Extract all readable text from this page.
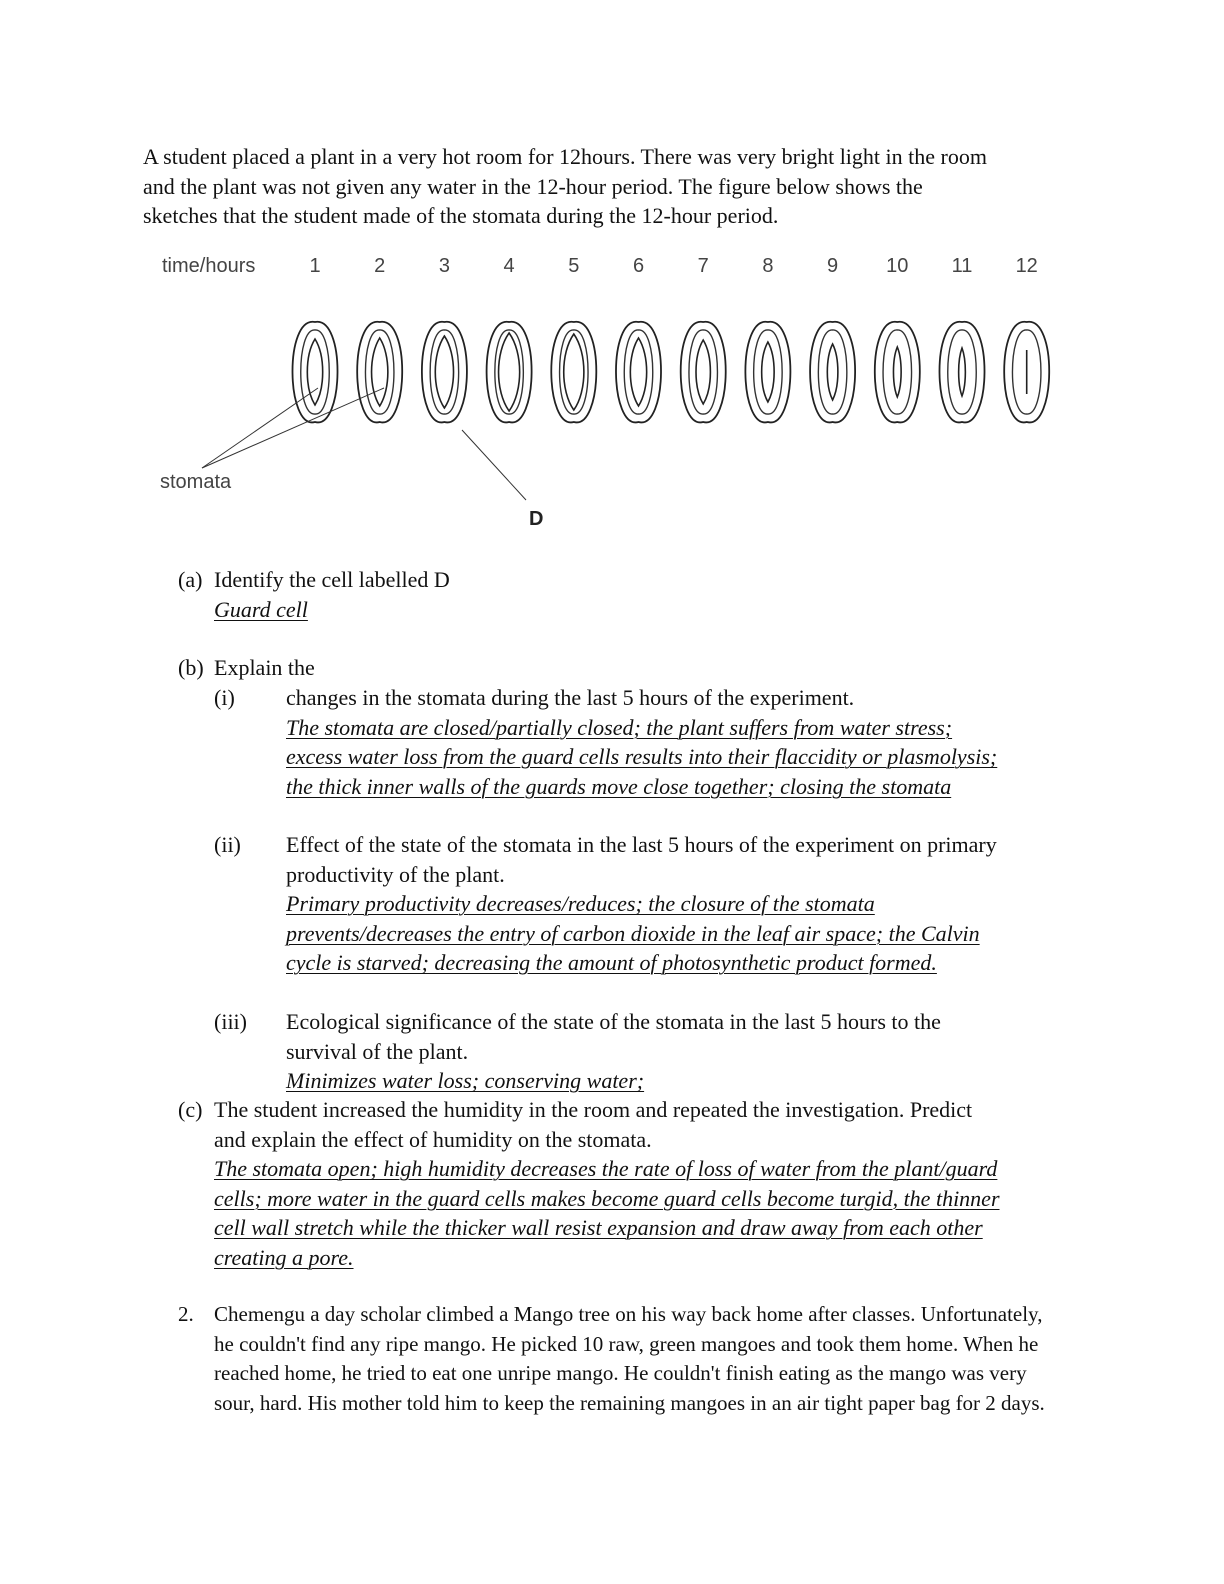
A student placed a plant in a very hot room for 12hours. There was very bright light in the room

and the plant was not given any water in the 12-hour period. The figure below shows the

sketches that the student made of the stomata during the 12-hour period.

time/hours	1	2	3	4	5	6	7	8	9 10 11 12
stomata
D
(a) Identify the cell labelled D
Guard cell
(b) Explain the
(i)	changes in the stomata during the last 5 hours of the experiment.
The stomata are closed/partially closed; the plant suffers from water stress;
excess water loss from the guard cells results into their flaccidity or plasmolysis;
the thick inner walls of the guards move close together; closing the stomata
(ii)	Effect of the state of the stomata in the last 5 hours of the experiment on primary
productivity of the plant.
Primary productivity decreases/reduces; the closure of the stomata
prevents/decreases the entry of carbon dioxide in the leaf air space; the Calvin
cycle is starved; decreasing the amount of photosynthetic product formed.
(iii)	Ecological significance of the state of the stomata in the last 5 hours to the
survival of the plant.
Minimizes water loss; conserving water;
(c) The student increased the humidity in the room and repeated the investigation. Predict
and explain the effect of humidity on the stomata.
The stomata open; high humidity decreases the rate of loss of water from the plant/guard
cells; more water in the guard cells makes become guard cells become turgid, the thinner
cell wall stretch while the thicker wall resist expansion and draw away from each other
creating a pore.
2. Chemengu a day scholar climbed a Mango tree on his way back home after classes. Unfortunately,
he couldn't find any ripe mango. He picked 10 raw, green mangoes and took them home. When he
reached home, he tried to eat one unripe mango. He couldn't finish eating as the mango was very
sour, hard. His mother told him to keep the remaining mangoes in an air tight paper bag for 2 days.
